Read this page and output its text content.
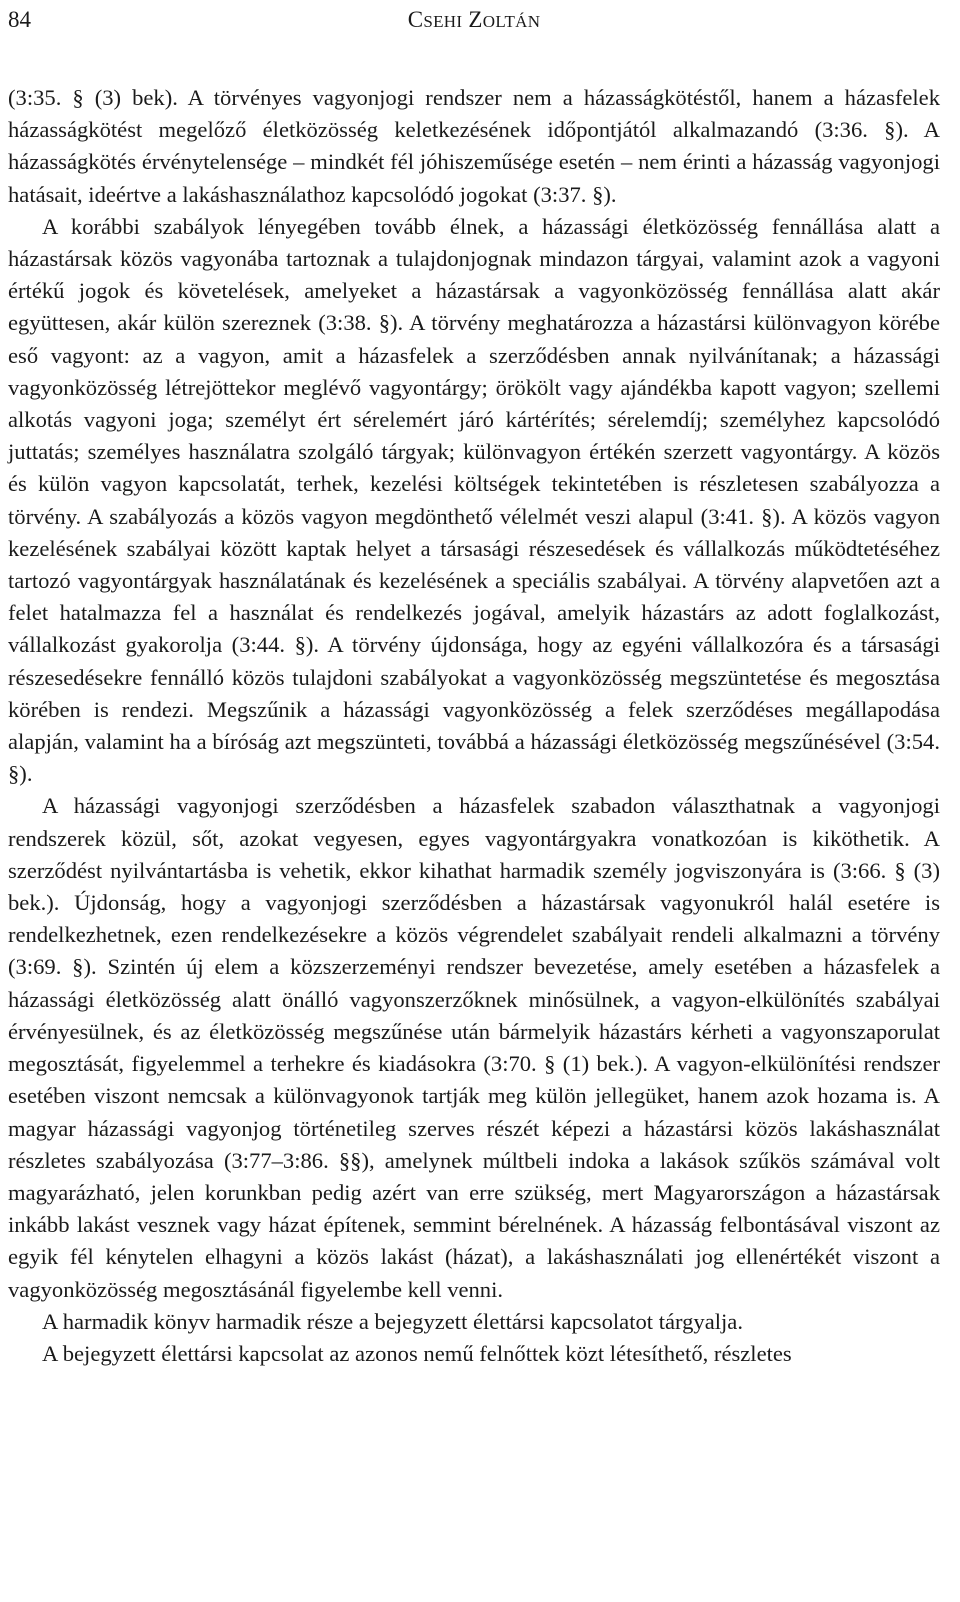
84	CSEHI ZOLTÁN

(3:35. § (3) bek). A törvényes vagyonjogi rendszer nem a házasságkötéstől, hanem a házasfelek házasságkötést megelőző életközösség keletkezésének időpontjától alkalmazandó (3:36. §). A házasságkötés érvénytelensége – mindkét fél jóhiszeműsége esetén – nem érinti a házasság vagyonjogi hatásait, ideértve a lakáshasználathoz kapcsolódó jogokat (3:37. §).

A korábbi szabályok lényegében tovább élnek, a házassági életközösség fennállása alatt a házastársak közös vagyonába tartoznak a tulajdonjognak mindazon tárgyai, valamint azok a vagyoni értékű jogok és követelések, amelyeket a házastársak a vagyonközösség fennállása alatt akár együttesen, akár külön szereznek (3:38. §). A törvény meghatározza a házastársi különvagyon körébe eső vagyont: az a vagyon, amit a házasfelek a szerződésben annak nyilvánítanak; a házassági vagyonközösség létrejöttekor meglévő vagyontárgy; örökölt vagy ajándékba kapott vagyon; szellemi alkotás vagyoni joga; személyt ért sérelemért járó kártérítés; sérelemdíj; személyhez kapcsolódó juttatás; személyes használatra szolgáló tárgyak; különvagyon értékén szerzett vagyontárgy. A közös és külön vagyon kapcsolatát, terhek, kezelési költségek tekintetében is részletesen szabályozza a törvény. A szabályozás a közös vagyon megdönthető vélelmét veszi alapul (3:41. §). A közös vagyon kezelésének szabályai között kaptak helyet a társasági részesedések és vállalkozás működtetéséhez tartozó vagyontárgyak használatának és kezelésének a speciális szabályai. A törvény alapvetően azt a felet hatalmazza fel a használat és rendelkezés jogával, amelyik házastárs az adott foglalkozást, vállalkozást gyakorolja (3:44. §). A törvény újdonsága, hogy az egyéni vállalkozóra és a társasági részesedésekre fennálló közös tulajdoni szabályokat a vagyonközösség megszüntetése és megosztása körében is rendezi. Megszűnik a házassági vagyonközösség a felek szerződéses megállapodása alapján, valamint ha a bíróság azt megszünteti, továbbá a házassági életközösség megszűnésével (3:54. §).

A házassági vagyonjogi szerződésben a házasfelek szabadon választhatnak a vagyonjogi rendszerek közül, sőt, azokat vegyesen, egyes vagyontárgyakra vonatkozóan is kiköthetik. A szerződést nyilvántartásba is vehetik, ekkor kihathat harmadik személy jogviszonyára is (3:66. § (3) bek.). Újdonság, hogy a vagyonjogi szerződésben a házastársak vagyonukról halál esetére is rendelkezhetnek, ezen rendelkezésekre a közös végrendelet szabályait rendeli alkalmazni a törvény (3:69. §). Szintén új elem a közszerzeményi rendszer bevezetése, amely esetében a házasfelek a házassági életközösség alatt önálló vagyonszerzőknek minősülnek, a vagyon-elkülönítés szabályai érvényesülnek, és az életközösség megszűnése után bármelyik házastárs kérheti a vagyonszaporulat megosztását, figyelemmel a terhekre és kiadásokra (3:70. § (1) bek.). A vagyon-elkülönítési rendszer esetében viszont nemcsak a különvagyonok tartják meg külön jellegüket, hanem azok hozama is. A magyar házassági vagyonjog történetileg szerves részét képezi a házastársi közös lakáshasználat részletes szabályozása (3:77–3:86. §§), amelynek múltbeli indoka a lakások szűkös számával volt magyarázható, jelen korunkban pedig azért van erre szükség, mert Magyarországon a házastársak inkább lakást vesznek vagy házat építenek, semmint bérelnének. A házasság felbontásával viszont az egyik fél kénytelen elhagyni a közös lakást (házat), a lakáshasználati jog ellenértékét viszont a vagyonközösség megosztásánál figyelembe kell venni.

A harmadik könyv harmadik része a bejegyzett élettársi kapcsolatot tárgyalja.

A bejegyzett élettársi kapcsolat az azonos nemű felnőttek közt létesíthető, részletes
